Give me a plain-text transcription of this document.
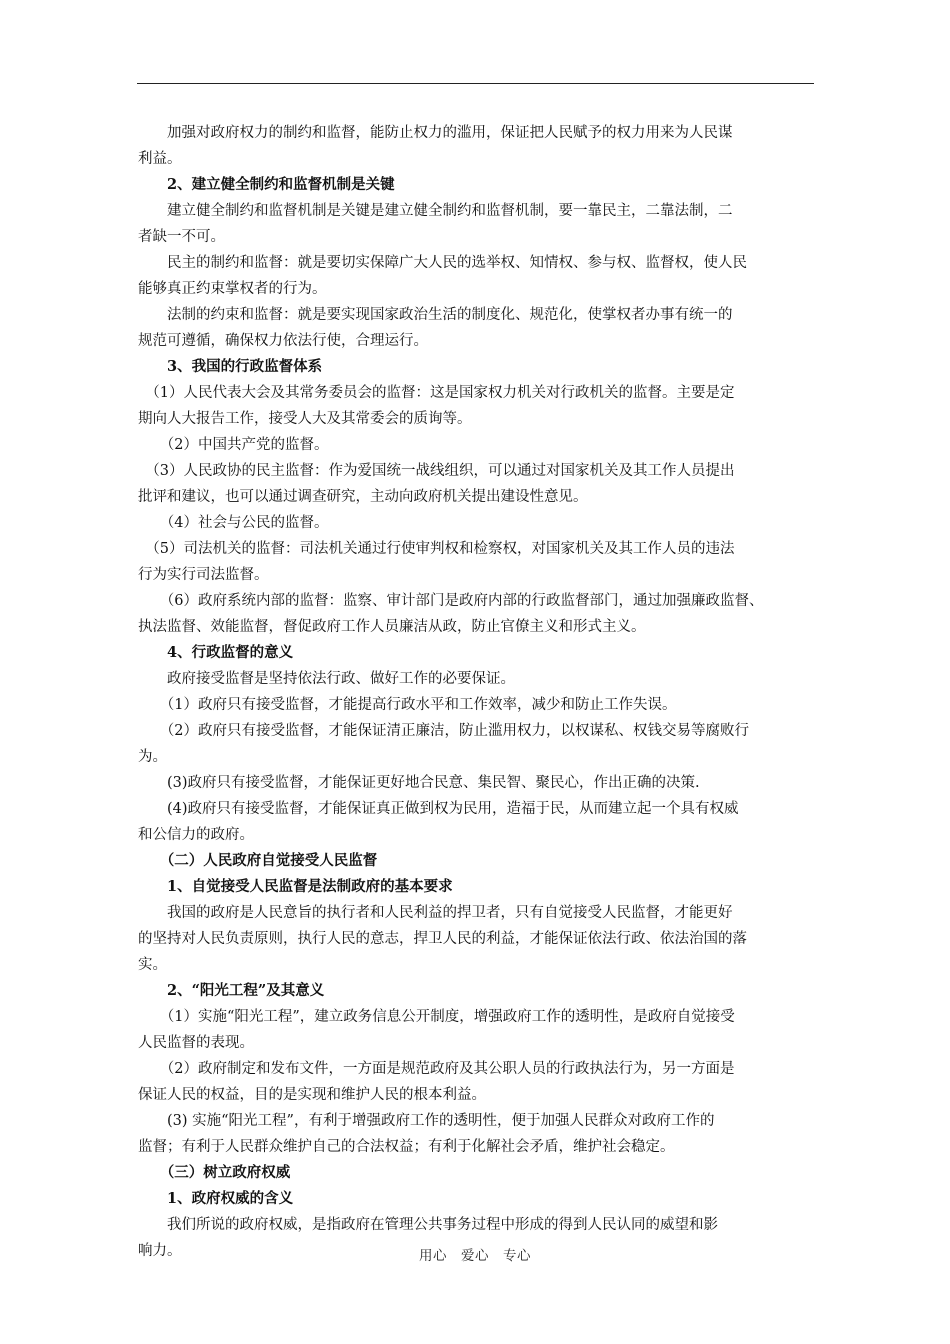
　　加强对政府权力的制约和监督，能防止权力的滥用，保证把人民赋予的权力用来为人民谋
利益。
　　2、建立健全制约和监督机制是关键
　　建立健全制约和监督机制是关键是建立健全制约和监督机制，要一靠民主，二靠法制，二
者缺一不可。
　　民主的制约和监督：就是要切实保障广大人民的选举权、知情权、参与权、监督权，使人民
能够真正约束掌权者的行为。
　　法制的约束和监督：就是要实现国家政治生活的制度化、规范化，使掌权者办事有统一的
规范可遵循，确保权力依法行使，合理运行。
　　3、我国的行政监督体系
　（1）人民代表大会及其常务委员会的监督：这是国家权力机关对行政机关的监督。主要是定
期向人大报告工作，接受人大及其常委会的质询等。
　　（2）中国共产党的监督。
　（3）人民政协的民主监督：作为爱国统一战线组织，可以通过对国家机关及其工作人员提出
批评和建议，也可以通过调查研究，主动向政府机关提出建设性意见。
　　（4）社会与公民的监督。
　（5）司法机关的监督：司法机关通过行使审判权和检察权，对国家机关及其工作人员的违法
行为实行司法监督。
　　（6）政府系统内部的监督：监察、审计部门是政府内部的行政监督部门，通过加强廉政监督、
执法监督、效能监督，督促政府工作人员廉洁从政，防止官僚主义和形式主义。
　　4、行政监督的意义
　　政府接受监督是坚持依法行政、做好工作的必要保证。
　　（1）政府只有接受监督，才能提高行政水平和工作效率，减少和防止工作失误。
　　（2）政府只有接受监督，才能保证清正廉洁，防止滥用权力，以权谋私、权钱交易等腐败行
为。
　　(3)政府只有接受监督，才能保证更好地合民意、集民智、聚民心，作出正确的决策.
　　(4)政府只有接受监督，才能保证真正做到权为民用，造福于民，从而建立起一个具有权威
和公信力的政府。
　　（二）人民政府自觉接受人民监督
　　1、自觉接受人民监督是法制政府的基本要求
　　我国的政府是人民意旨的执行者和人民利益的捍卫者，只有自觉接受人民监督，才能更好
的坚持对人民负责原则，执行人民的意志，捍卫人民的利益，才能保证依法行政、依法治国的落
实。
　　2、“阳光工程”及其意义
　　（1）实施“阳光工程”，建立政务信息公开制度，增强政府工作的透明性，是政府自觉接受
人民监督的表现。
　　（2）政府制定和发布文件，一方面是规范政府及其公职人员的行政执法行为，另一方面是
保证人民的权益，目的是实现和维护人民的根本利益。
　　(3) 实施“阳光工程”，有利于增强政府工作的透明性，便于加强人民群众对政府工作的
监督；有利于人民群众维护自己的合法权益；有利于化解社会矛盾，维护社会稳定。
　　（三）树立政府权威
　　1、政府权威的含义
　　我们所说的政府权威，是指政府在管理公共事务过程中形成的得到人民认同的威望和影
响力。	用心　爱心　专心
